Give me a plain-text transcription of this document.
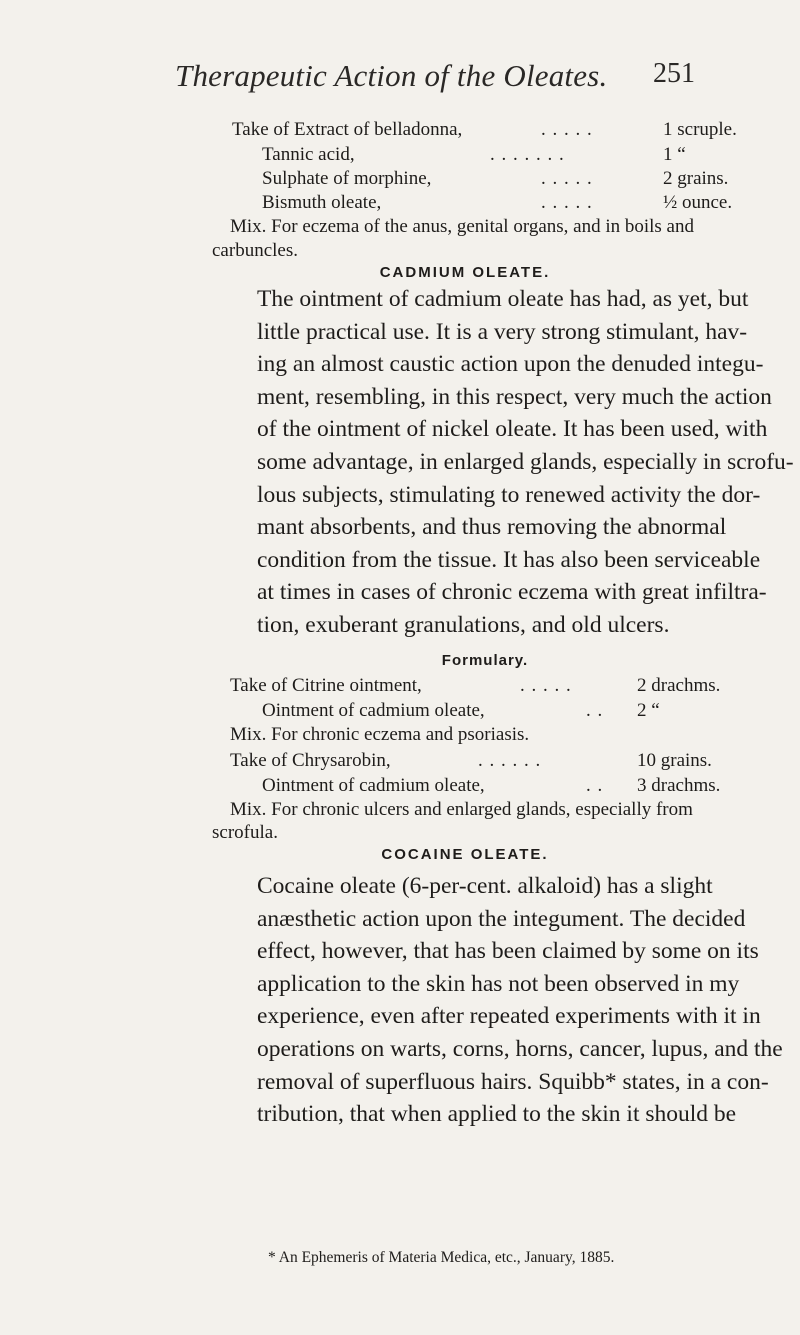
Therapeutic Action of the Oleates. 251
Take of Extract of belladonna,	. . . . .	1 scruple.
Tannic acid,	. . . . . . .	1 “
Sulphate of morphine,	. . . . .	2 grains.
Bismuth oleate,	. . . . .	½ ounce.
Mix. For eczema of the anus, genital organs, and in boils and
carbuncles.
CADMIUM OLEATE.
The ointment of cadmium oleate has had, as yet, but
little practical use. It is a very strong stimulant, hav-
ing an almost caustic action upon the denuded integu-
ment, resembling, in this respect, very much the action
of the ointment of nickel oleate. It has been used, with
some advantage, in enlarged glands, especially in scrofu-
lous subjects, stimulating to renewed activity the dor-
mant absorbents, and thus removing the abnormal
condition from the tissue. It has also been serviceable
at times in cases of chronic eczema with great infiltra-
tion, exuberant granulations, and old ulcers.
Formulary.
Take of Citrine ointment,	. . . . .	2 drachms.
Ointment of cadmium oleate,	. . 2 “
Mix. For chronic eczema and psoriasis.
Take of Chrysarobin,	. . . . . .	10 grains.
Ointment of cadmium oleate,	. . 3 drachms.
Mix. For chronic ulcers and enlarged glands, especially from
scrofula.
COCAINE OLEATE.
Cocaine oleate (6-per-cent. alkaloid) has a slight
anæsthetic action upon the integument. The decided
effect, however, that has been claimed by some on its
application to the skin has not been observed in my
experience, even after repeated experiments with it in
operations on warts, corns, horns, cancer, lupus, and the
removal of superfluous hairs. Squibb* states, in a con-
tribution, that when applied to the skin it should be
* An Ephemeris of Materia Medica, etc., January, 1885.
